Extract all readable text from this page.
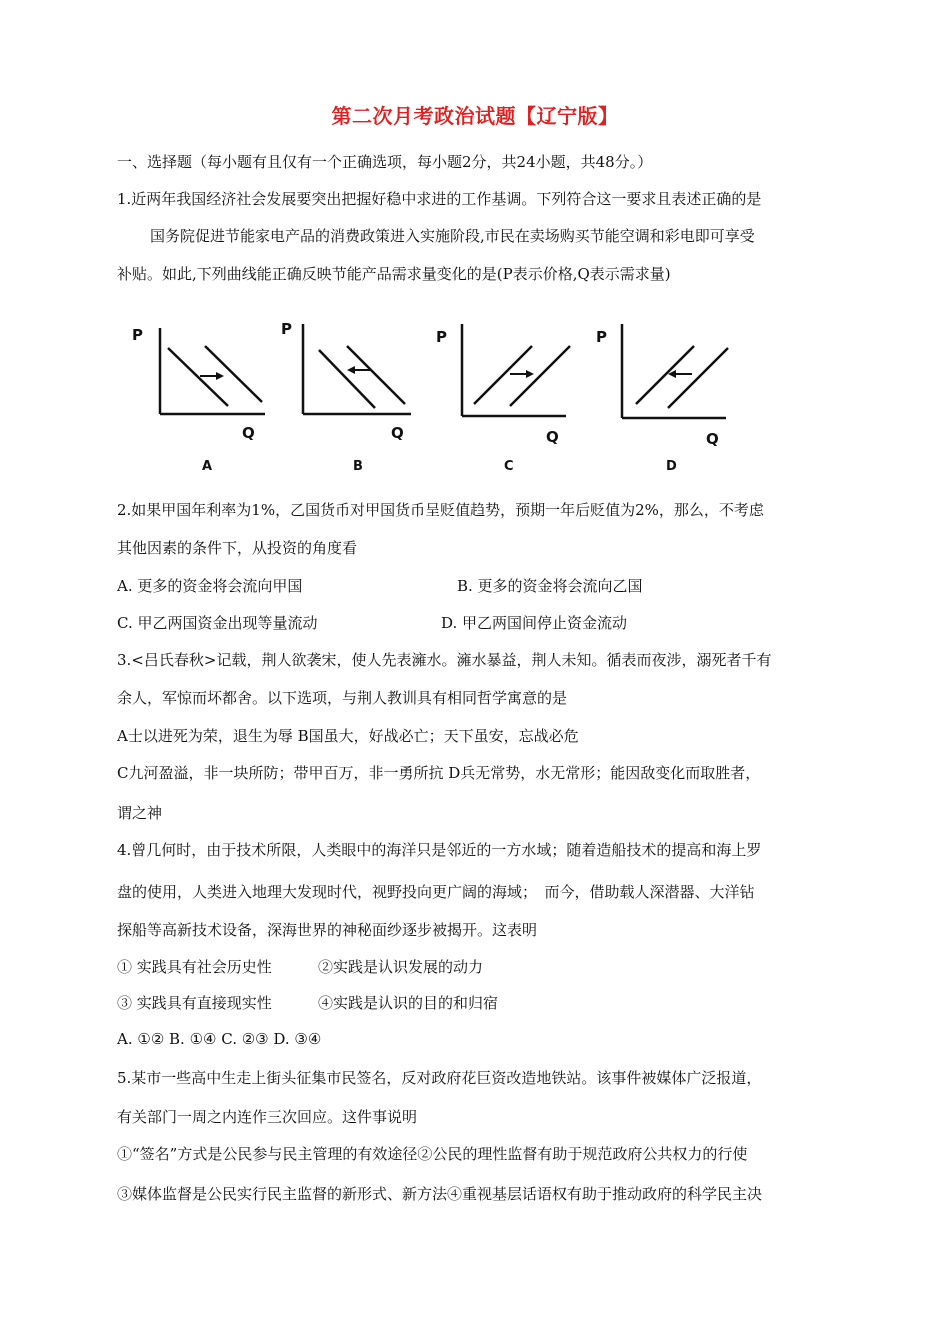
第二次月考政治试题【辽宁版】
一、选择题（每小题有且仅有一个正确选项，每小题2分，共24小题，共48分。）
1.近两年我国经济社会发展要突出把握好稳中求进的工作基调。下列符合这一要求且表述正确的是
国务院促进节能家电产品的消费政策进入实施阶段,市民在卖场购买节能空调和彩电即可享受
补贴。如此,下列曲线能正确反映节能产品需求量变化的是(P表示价格,Q表示需求量)
P
Q
A
P
Q
B
P
Q
C
P
Q
D
2.如果甲国年利率为1%，乙国货币对甲国货币呈贬值趋势，预期一年后贬值为2%，那么，不考虑
其他因素的条件下，从投资的角度看
A. 更多的资金将会流向甲国	B. 更多的资金将会流向乙国
C. 甲乙两国资金出现等量流动	D. 甲乙两国间停止资金流动
3.<吕氏春秋>记载，荆人欲袭宋，使人先表澭水。澭水暴益，荆人未知。循表而夜涉，溺死者千有
余人，军惊而坏都舍。以下选项，与荆人教训具有相同哲学寓意的是
A士以进死为荣，退生为辱 B国虽大，好战必亡；天下虽安，忘战必危
C九河盈溢，非一块所防；带甲百万，非一勇所抗 D兵无常势，水无常形；能因敌变化而取胜者，
谓之神
4.曾几何时，由于技术所限，人类眼中的海洋只是邻近的一方水域；随着造船技术的提高和海上罗
盘的使用，人类进入地理大发现时代，视野投向更广阔的海域；　而今，借助载人深潜器、大洋钻
探船等高新技术设备，深海世界的神秘面纱逐步被揭开。这表明
① 实践具有社会历史性	②实践是认识发展的动力
③ 实践具有直接现实性	④实践是认识的目的和归宿
A. ①② B. ①④ C. ②③ D. ③④
5.某市一些高中生走上街头征集市民签名，反对政府花巨资改造地铁站。该事件被媒体广泛报道，
有关部门一周之内连作三次回应。这件事说明
①“签名”方式是公民参与民主管理的有效途径②公民的理性监督有助于规范政府公共权力的行使
③媒体监督是公民实行民主监督的新形式、新方法④重视基层话语权有助于推动政府的科学民主决
